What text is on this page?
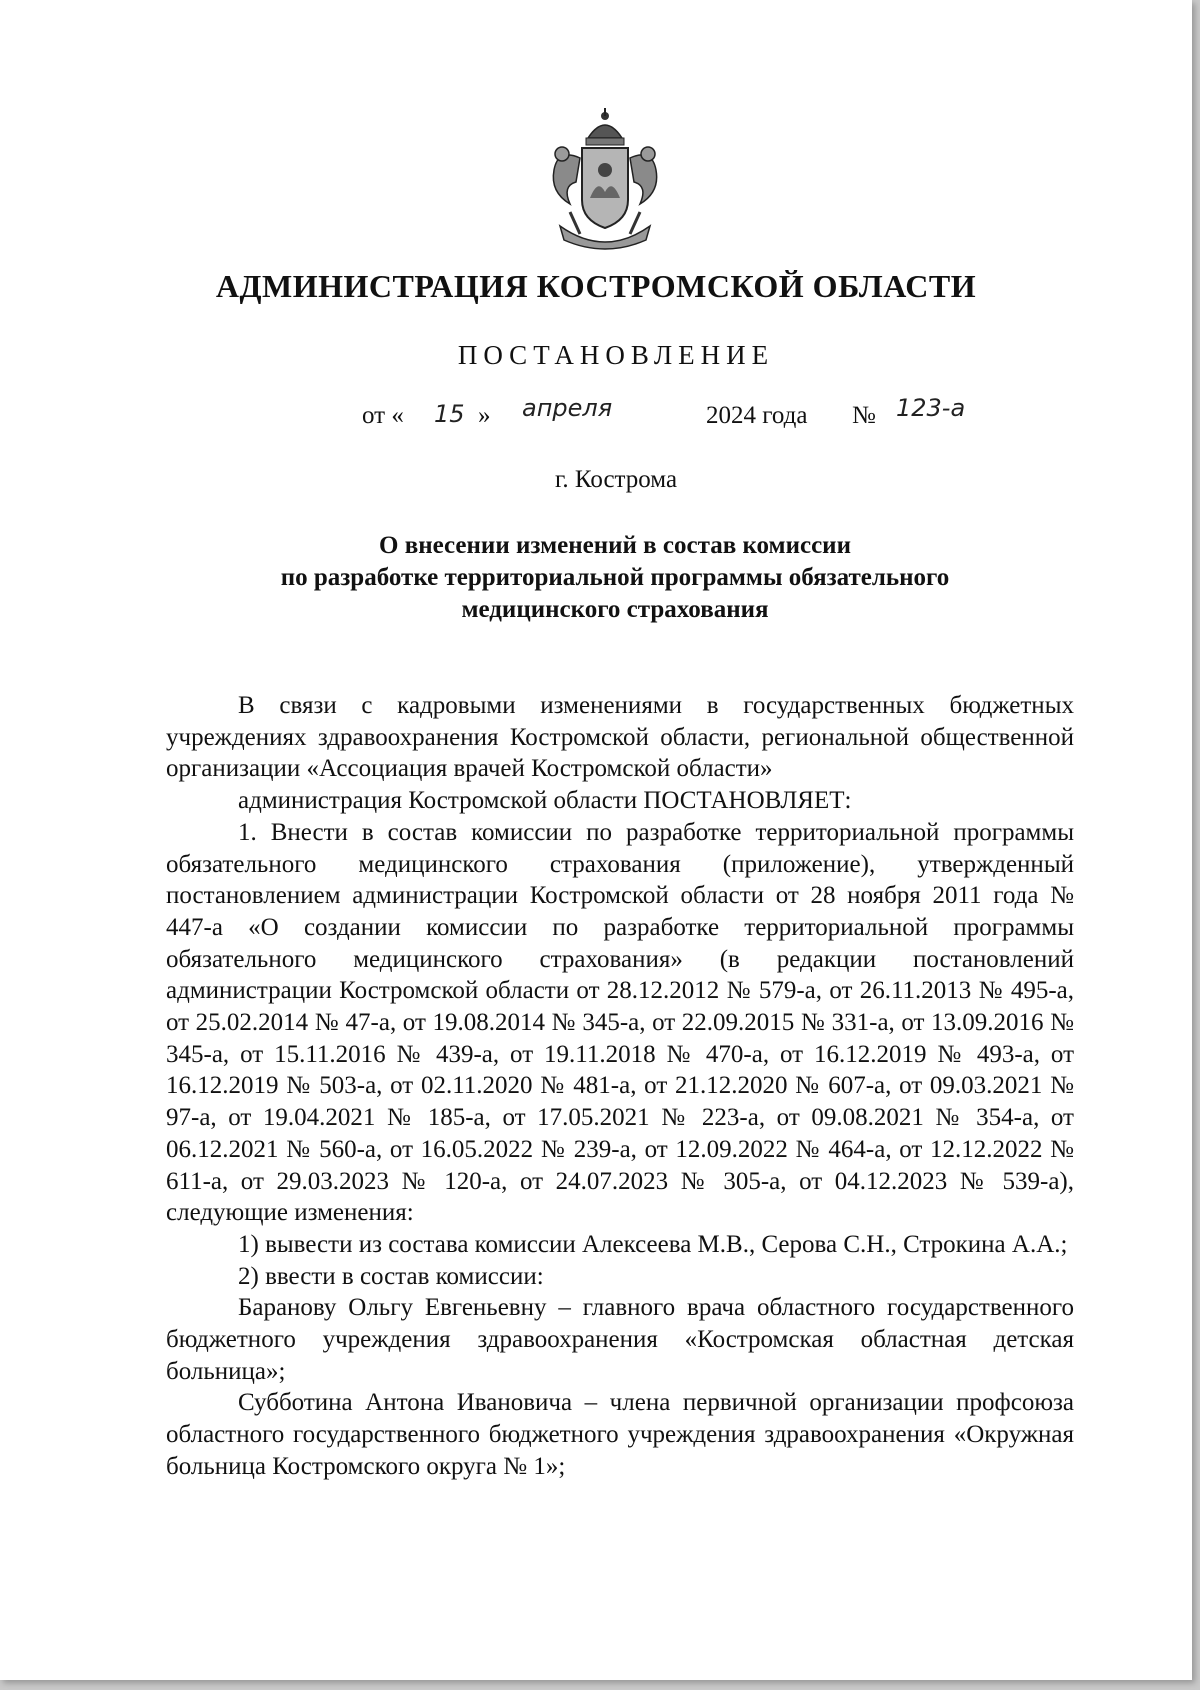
АДМИНИСТРАЦИЯ КОСТРОМСКОЙ ОБЛАСТИ
ПОСТАНОВЛЕНИЕ
от « 15 » апреля	2024 года № 123-а
г. Кострома
О внесении изменений в состав комиссии
по разработке территориальной программы обязательного
медицинского страхования

В связи с кадровыми изменениями в государственных бюджетных учреждениях здравоохранения Костромской области, региональной общественной организации «Ассоциация врачей Костромской области»

администрация Костромской области ПОСТАНОВЛЯЕТ:

1. Внести в состав комиссии по разработке территориальной программы обязательного медицинского страхования (приложение), утвержденный постановлением администрации Костромской области от 28 ноября 2011 года № 447-а «О создании комиссии по разработке территориальной программы обязательного медицинского страхования» (в редакции постановлений администрации Костромской области от 28.12.2012 № 579-а, от 26.11.2013 № 495-а, от 25.02.2014 № 47-а, от 19.08.2014 № 345-а, от 22.09.2015 № 331-а, от 13.09.2016 № 345-а, от 15.11.2016 № 439-а, от 19.11.2018 № 470-а, от 16.12.2019 № 493-а, от 16.12.2019 № 503-а, от 02.11.2020 № 481-а, от 21.12.2020 № 607-а, от 09.03.2021 № 97-а, от 19.04.2021 № 185-а, от 17.05.2021 № 223-а, от 09.08.2021 № 354-а, от 06.12.2021 № 560-а, от 16.05.2022 № 239-а, от 12.09.2022 № 464-а, от 12.12.2022 № 611-а, от 29.03.2023 № 120-а, от 24.07.2023 № 305-а, от 04.12.2023 № 539-а), следующие изменения:

1) вывести из состава комиссии Алексеева М.В., Серова С.Н., Строкина А.А.;

2) ввести в состав комиссии:

Баранову Ольгу Евгеньевну – главного врача областного государственного бюджетного учреждения здравоохранения «Костромская областная детская больница»;

Субботина Антона Ивановича – члена первичной организации профсоюза областного государственного бюджетного учреждения здравоохранения «Окружная больница Костромского округа № 1»;
